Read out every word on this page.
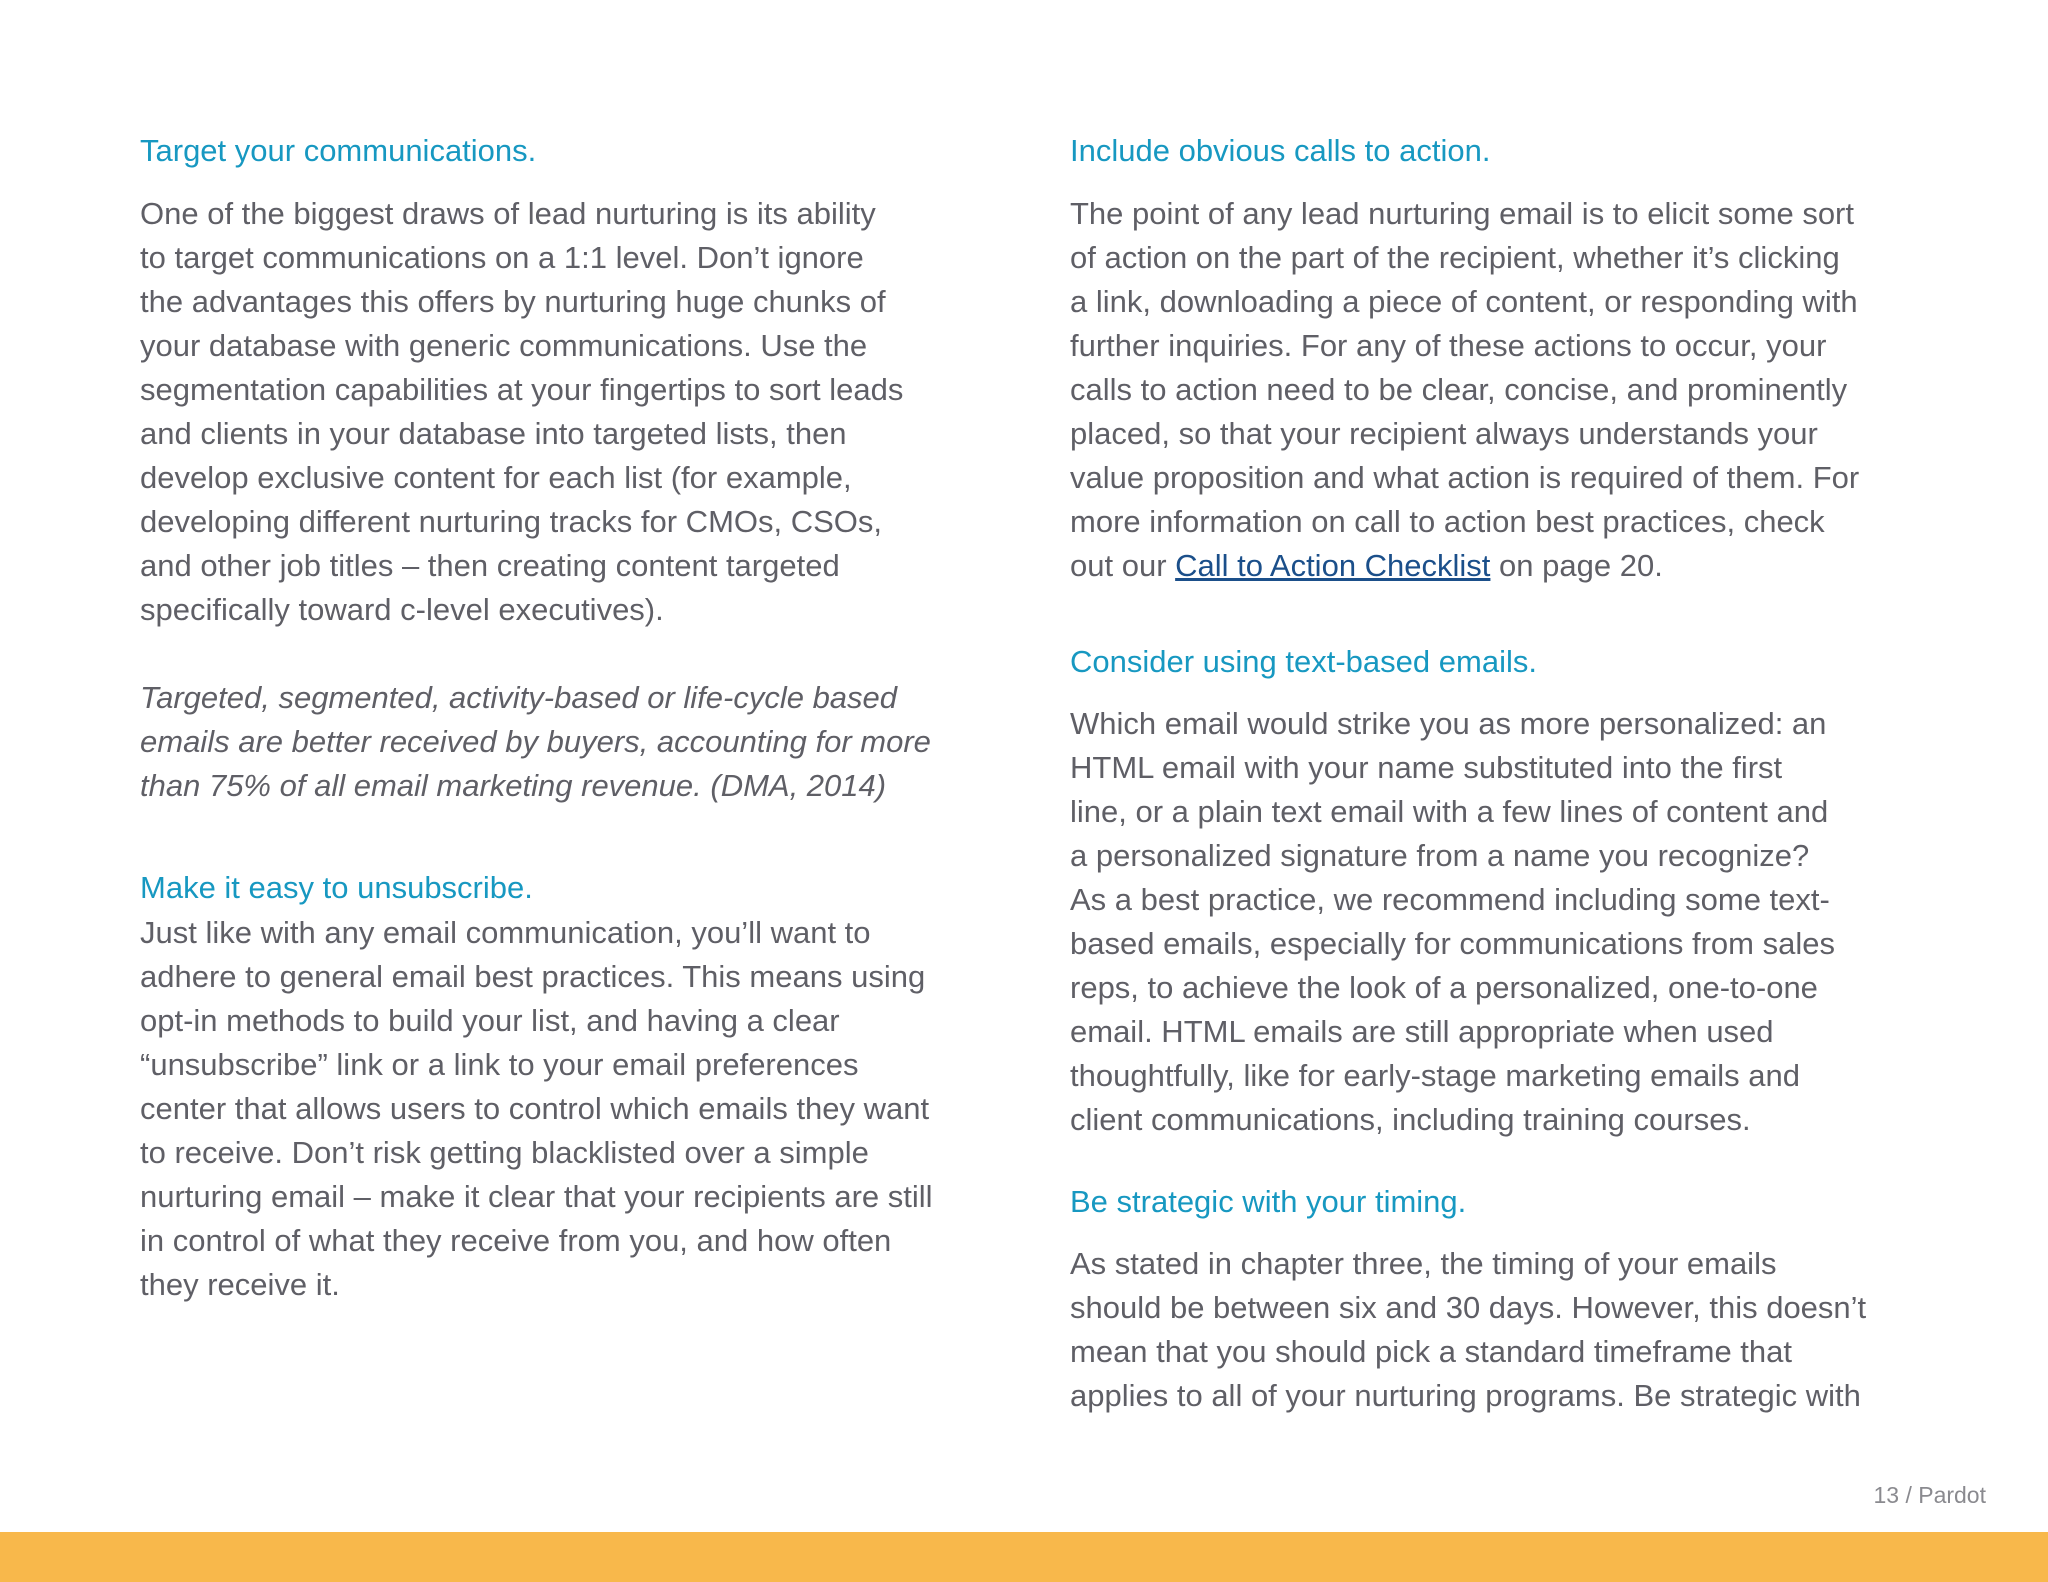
Target your communications.
One of the biggest draws of lead nurturing is its ability
to target communications on a 1:1 level. Don’t ignore
the advantages this offers by nurturing huge chunks of
your database with generic communications. Use the
segmentation capabilities at your fingertips to sort leads
and clients in your database into targeted lists, then
develop exclusive content for each list (for example,
developing different nurturing tracks for CMOs, CSOs,
and other job titles – then creating content targeted
specifically toward c-level executives).
Targeted, segmented, activity-based or life-cycle based
emails are better received by buyers, accounting for more
than 75% of all email marketing revenue. (DMA, 2014)
Make it easy to unsubscribe.
Just like with any email communication, you’ll want to
adhere to general email best practices. This means using
opt-in methods to build your list, and having a clear
“unsubscribe” link or a link to your email preferences
center that allows users to control which emails they want
to receive. Don’t risk getting blacklisted over a simple
nurturing email – make it clear that your recipients are still
in control of what they receive from you, and how often
they receive it.
Include obvious calls to action.
The point of any lead nurturing email is to elicit some sort
of action on the part of the recipient, whether it’s clicking
a link, downloading a piece of content, or responding with
further inquiries. For any of these actions to occur, your
calls to action need to be clear, concise, and prominently
placed, so that your recipient always understands your
value proposition and what action is required of them. For
more information on call to action best practices, check
out our Call to Action Checklist on page 20.
Consider using text-based emails.
Which email would strike you as more personalized: an
HTML email with your name substituted into the first
line, or a plain text email with a few lines of content and
a personalized signature from a name you recognize?
As a best practice, we recommend including some text-
based emails, especially for communications from sales
reps, to achieve the look of a personalized, one-to-one
email. HTML emails are still appropriate when used
thoughtfully, like for early-stage marketing emails and
client communications, including training courses.
Be strategic with your timing.
As stated in chapter three, the timing of your emails
should be between six and 30 days. However, this doesn’t
mean that you should pick a standard timeframe that
applies to all of your nurturing programs. Be strategic with
13 / Pardot
